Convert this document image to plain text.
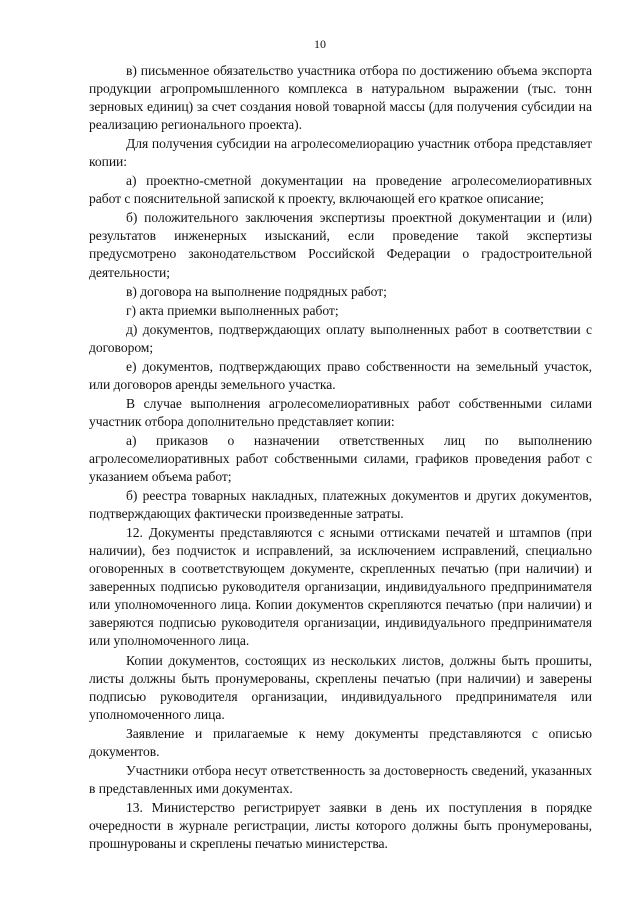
10

в) письменное обязательство участника отбора по достижению объема экспорта продукции агропромышленного комплекса в натуральном выражении (тыс. тонн зерновых единиц) за счет создания новой товарной массы (для получения субсидии на реализацию регионального проекта).

Для получения субсидии на агролесомелиорацию участник отбора представляет копии:

а) проектно-сметной документации на проведение агролесомелиоративных работ с пояснительной запиской к проекту, включающей его краткое описание;

б) положительного заключения экспертизы проектной документации и (или) результатов инженерных изысканий, если проведение такой экспертизы предусмотрено законодательством Российской Федерации о градостроительной деятельности;

в) договора на выполнение подрядных работ;

г) акта приемки выполненных работ;

д) документов, подтверждающих оплату выполненных работ в соответствии с договором;

е) документов, подтверждающих право собственности на земельный участок, или договоров аренды земельного участка.

В случае выполнения агролесомелиоративных работ собственными силами участник отбора дополнительно представляет копии:

а) приказов о назначении ответственных лиц по выполнению агролесомелиоративных работ собственными силами, графиков проведения работ с указанием объема работ;

б) реестра товарных накладных, платежных документов и других документов, подтверждающих фактически произведенные затраты.

12. Документы представляются с ясными оттисками печатей и штампов (при наличии), без подчисток и исправлений, за исключением исправлений, специально оговоренных в соответствующем документе, скрепленных печатью (при наличии) и заверенных подписью руководителя организации, индивидуального предпринимателя или уполномоченного лица. Копии документов скрепляются печатью (при наличии) и заверяются подписью руководителя организации, индивидуального предпринимателя или уполномоченного лица.

Копии документов, состоящих из нескольких листов, должны быть прошиты, листы должны быть пронумерованы, скреплены печатью (при наличии) и заверены подписью руководителя организации, индивидуального предпринимателя или уполномоченного лица.

Заявление и прилагаемые к нему документы представляются с описью документов.

Участники отбора несут ответственность за достоверность сведений, указанных в представленных ими документах.

13. Министерство регистрирует заявки в день их поступления в порядке очередности в журнале регистрации, листы которого должны быть пронумерованы, прошнурованы и скреплены печатью министерства.
